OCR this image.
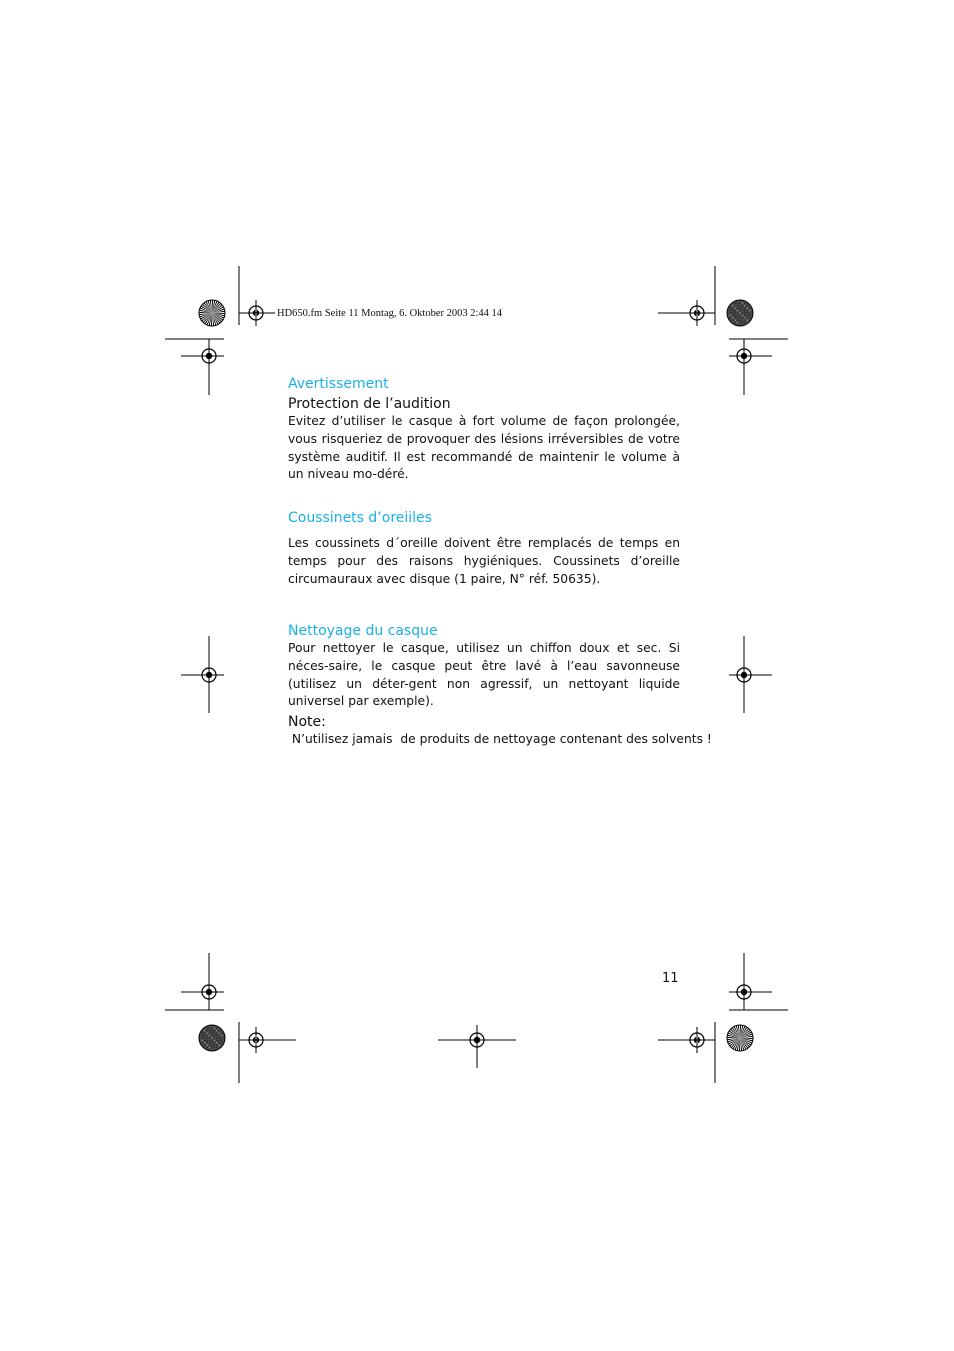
HD650.fm Seite 11 Montag, 6. Oktober 2003 2:44 14
Avertissement
Protection de l’audition

Evitez d’utiliser le casque à fort volume de façon prolongée, vous risqueriez de provoquer des lésions irréversibles de votre système auditif. Il est recommandé de maintenir le volume à un niveau mo-déré.

Coussinets d’oreiiles

Les coussinets d´oreille doivent être remplacés de temps en temps pour des raisons hygiéniques. Coussinets d’oreille circumauraux avec disque (1 paire, N° réf. 50635).

Nettoyage du casque

Pour nettoyer le casque, utilisez un chiffon doux et sec. Si néces-saire, le casque peut être lavé à l’eau savonneuse (utilisez un déter-gent non agressif, un nettoyant liquide universel par exemple).

Note:

N’utilisez jamais  de produits de nettoyage contenant des solvents !

11
